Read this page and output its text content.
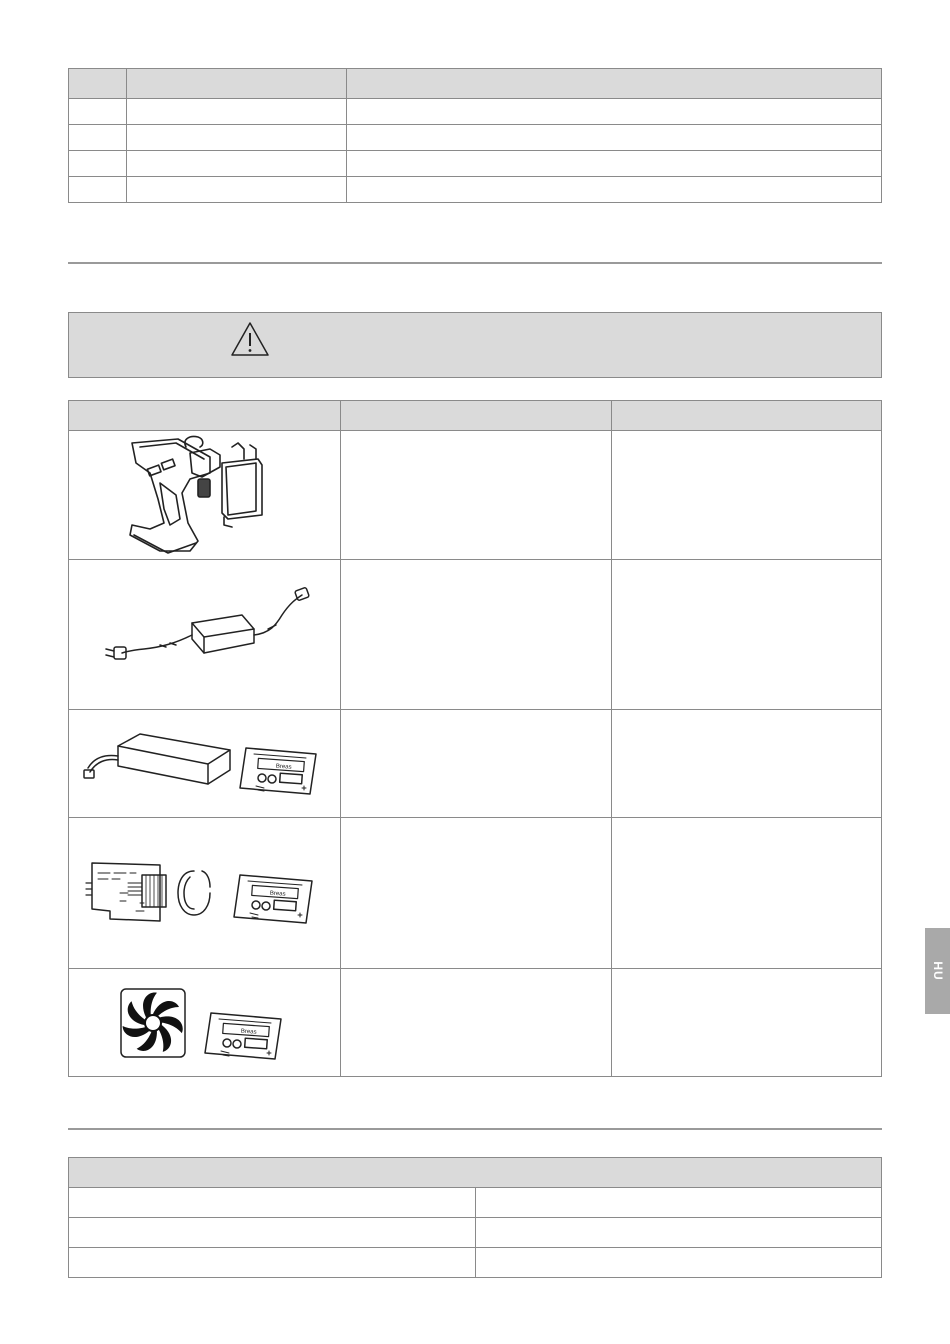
Breas		

Breas		

Breas		

HU
